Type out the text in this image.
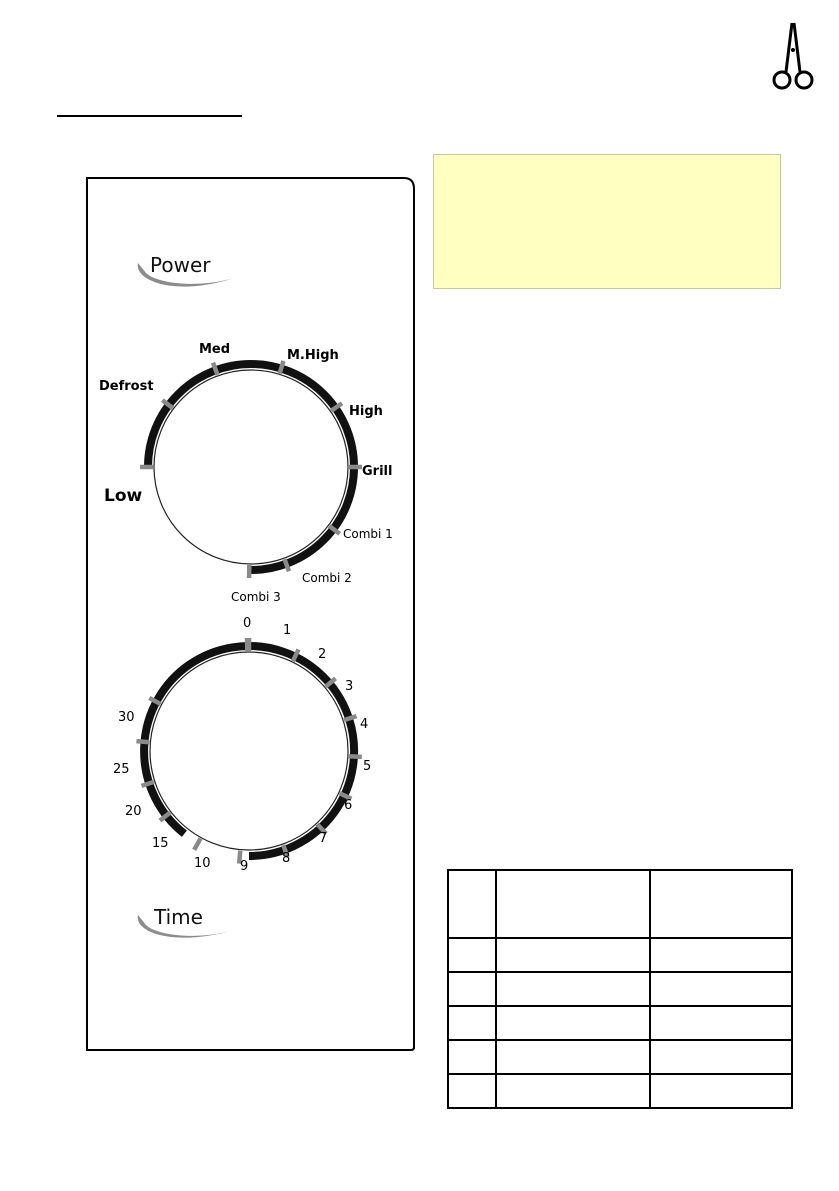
Power
Defrost
Med	M.High
High
Grill
Low
Combi 1
Combi 2
Combi 3
0 1
2
3
4
5
6
7
8
9
10
15
20
25
30
Time
